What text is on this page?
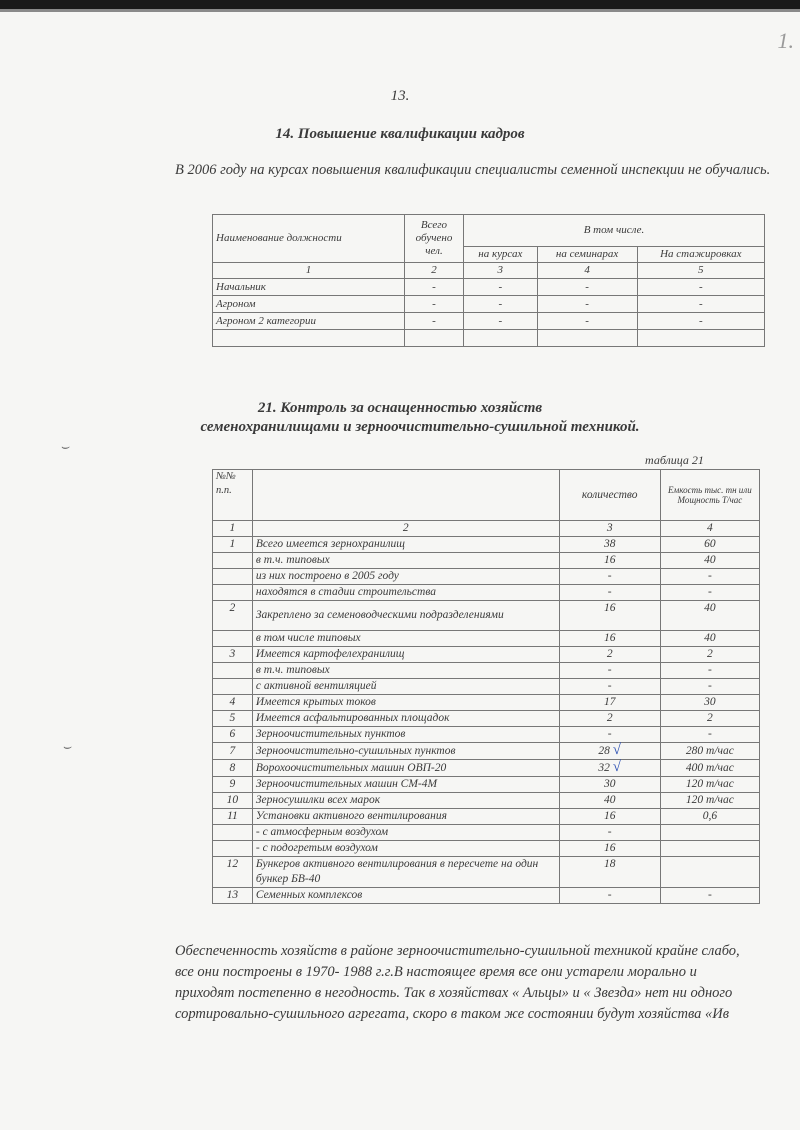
1.
13.
14. Повышение квалификации кадров
В 2006 году на курсах повышения квалификации специалисты семенной инспекции не обучались.
Наименование должности	Всего обучено чел.	В том числе.		
		на курсах	на семинарах	На стажировках
1	2	3	4	5
Начальник	-	-	-	-
Агроном	-	-	-	-
Агроном 2 категории	-	-	-	-

21. Контроль за оснащенностью хозяйств
семенохранилищами и зерноочистительно-сушильной техникой.
⌣
⌣
таблица 21
№№ п.п.		количество	Емкость тыс. тн или Мощность Т/час
1	2	3	4
1	Всего имеется зернохранилищ	38	60
	в т.ч. типовых	16	40
	из них построено в 2005 году	-	-
	находятся в стадии строительства	-	-
2	Закреплено за семеноводческими подразделениями	16	40
	в том числе типовых	16	40
3	Имеется картофелехранилищ	2	2
	в т.ч. типовых	-	-
	с активной вентиляцией	-	-
4	Имеется крытых токов	17	30
5	Имеется асфальтированных площадок	2	2
6	Зерноочистительных пунктов	-	-
7	Зерноочистительно-сушильных пунктов	28 √	280 т/час
8	Ворохоочистительных машин ОВП-20	32 √	400 т/час
9	Зерноочистительных машин СМ-4М	30	120 т/час
10	Зерносушилки всех марок	40	120 т/час
11	Установки активного вентилирования	16	0,6
	- с атмосферным воздухом	-	
	- с подогретым воздухом	16	
12	Бункеров активного вентилирования в пересчете на один бункер БВ-40	18	
13	Семенных комплексов	-	-
Обеспеченность хозяйств в районе зерноочистительно-сушильной техникой крайне слабо,
все они построены в 1970- 1988 г.г.В настоящее время все они устарели морально и
приходят постепенно в негодность. Так в хозяйствах « Альцы» и « Звезда» нет ни одного
сортировально-сушильного агрегата, скоро в таком же состоянии будут хозяйства «Ив
